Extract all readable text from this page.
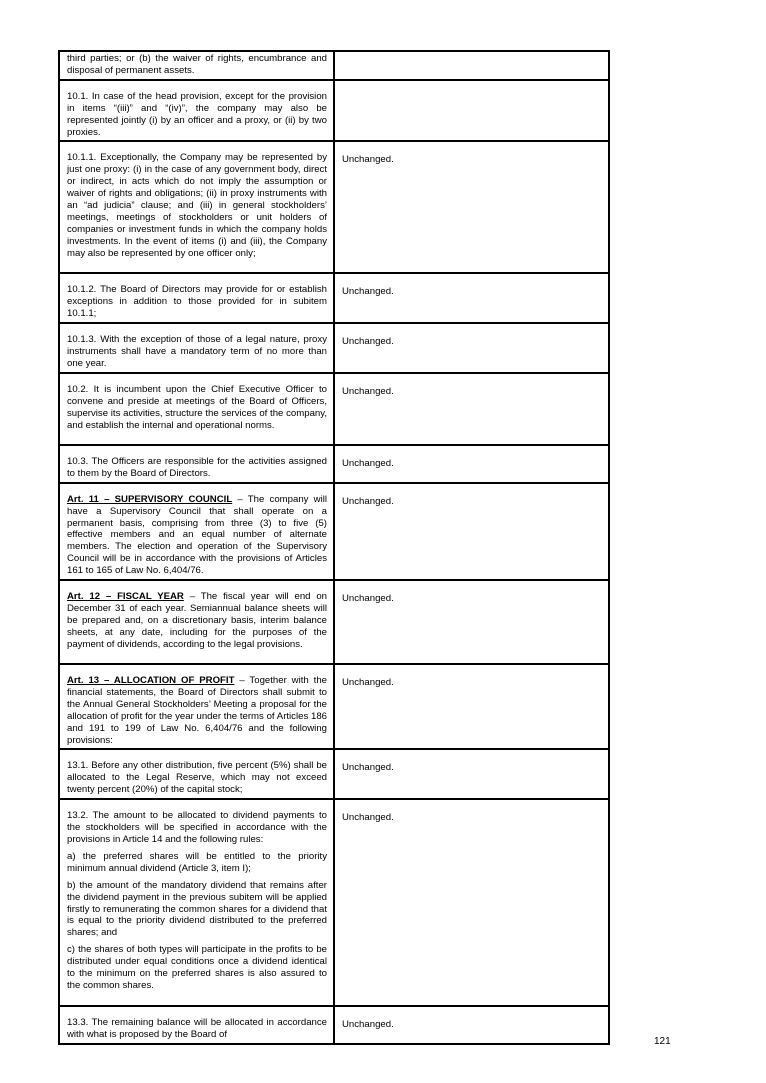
third parties; or (b) the waiver of rights, encumbrance and disposal of permanent assets.	
10.1. In case of the head provision, except for the provision in items “(iii)” and “(iv)”, the company may also be represented jointly (i) by an officer and a proxy, or (ii) by two proxies.	
10.1.1. Exceptionally, the Company may be represented by just one proxy: (i) in the case of any government body, direct or indirect, in acts which do not imply the assumption or waiver of rights and obligations; (ii) in proxy instruments with an “ad judicia” clause; and (iii) in general stockholders’ meetings, meetings of stockholders or unit holders of companies or investment funds in which the company holds investments. In the event of items (i) and (iii), the Company may also be represented by one officer only;	Unchanged.
10.1.2. The Board of Directors may provide for or establish exceptions in addition to those provided for in subitem 10.1.1;	Unchanged.
10.1.3. With the exception of those of a legal nature, proxy instruments shall have a mandatory term of no more than one year.	Unchanged.
10.2. It is incumbent upon the Chief Executive Officer to convene and preside at meetings of the Board of Officers, supervise its activities, structure the services of the company, and establish the internal and operational norms.	Unchanged.
10.3. The Officers are responsible for the activities assigned to them by the Board of Directors.	Unchanged.
Art. 11 – SUPERVISORY COUNCIL – The company will have a Supervisory Council that shall operate on a permanent basis, comprising from three (3) to five (5) effective members and an equal number of alternate members. The election and operation of the Supervisory Council will be in accordance with the provisions of Articles 161 to 165 of Law No. 6,404/76.	Unchanged.
Art. 12 – FISCAL YEAR – The fiscal year will end on December 31 of each year. Semiannual balance sheets will be prepared and, on a discretionary basis, interim balance sheets, at any date, including for the purposes of the payment of dividends, according to the legal provisions.	Unchanged.
Art. 13 – ALLOCATION OF PROFIT – Together with the financial statements, the Board of Directors shall submit to the Annual General Stockholders’ Meeting a proposal for the allocation of profit for the year under the terms of Articles 186 and 191 to 199 of Law No. 6,404/76 and the following provisions:	Unchanged.
13.1. Before any other distribution, five percent (5%) shall be allocated to the Legal Reserve, which may not exceed twenty percent (20%) of the capital stock;	Unchanged.

13.2. The amount to be allocated to dividend payments to the stockholders will be specified in accordance with the provisions in Article 14 and the following rules:

a) the preferred shares will be entitled to the priority minimum annual dividend (Article 3, item I);

b) the amount of the mandatory dividend that remains after the dividend payment in the previous subitem will be applied firstly to remunerating the common shares for a dividend that is equal to the priority dividend distributed to the preferred shares; and

c) the shares of both types will participate in the profits to be distributed under equal conditions once a dividend identical to the minimum on the preferred shares is also assured to the common shares.	Unchanged.
13.3. The remaining balance will be allocated in accordance with what is proposed by the Board of	Unchanged.
121
